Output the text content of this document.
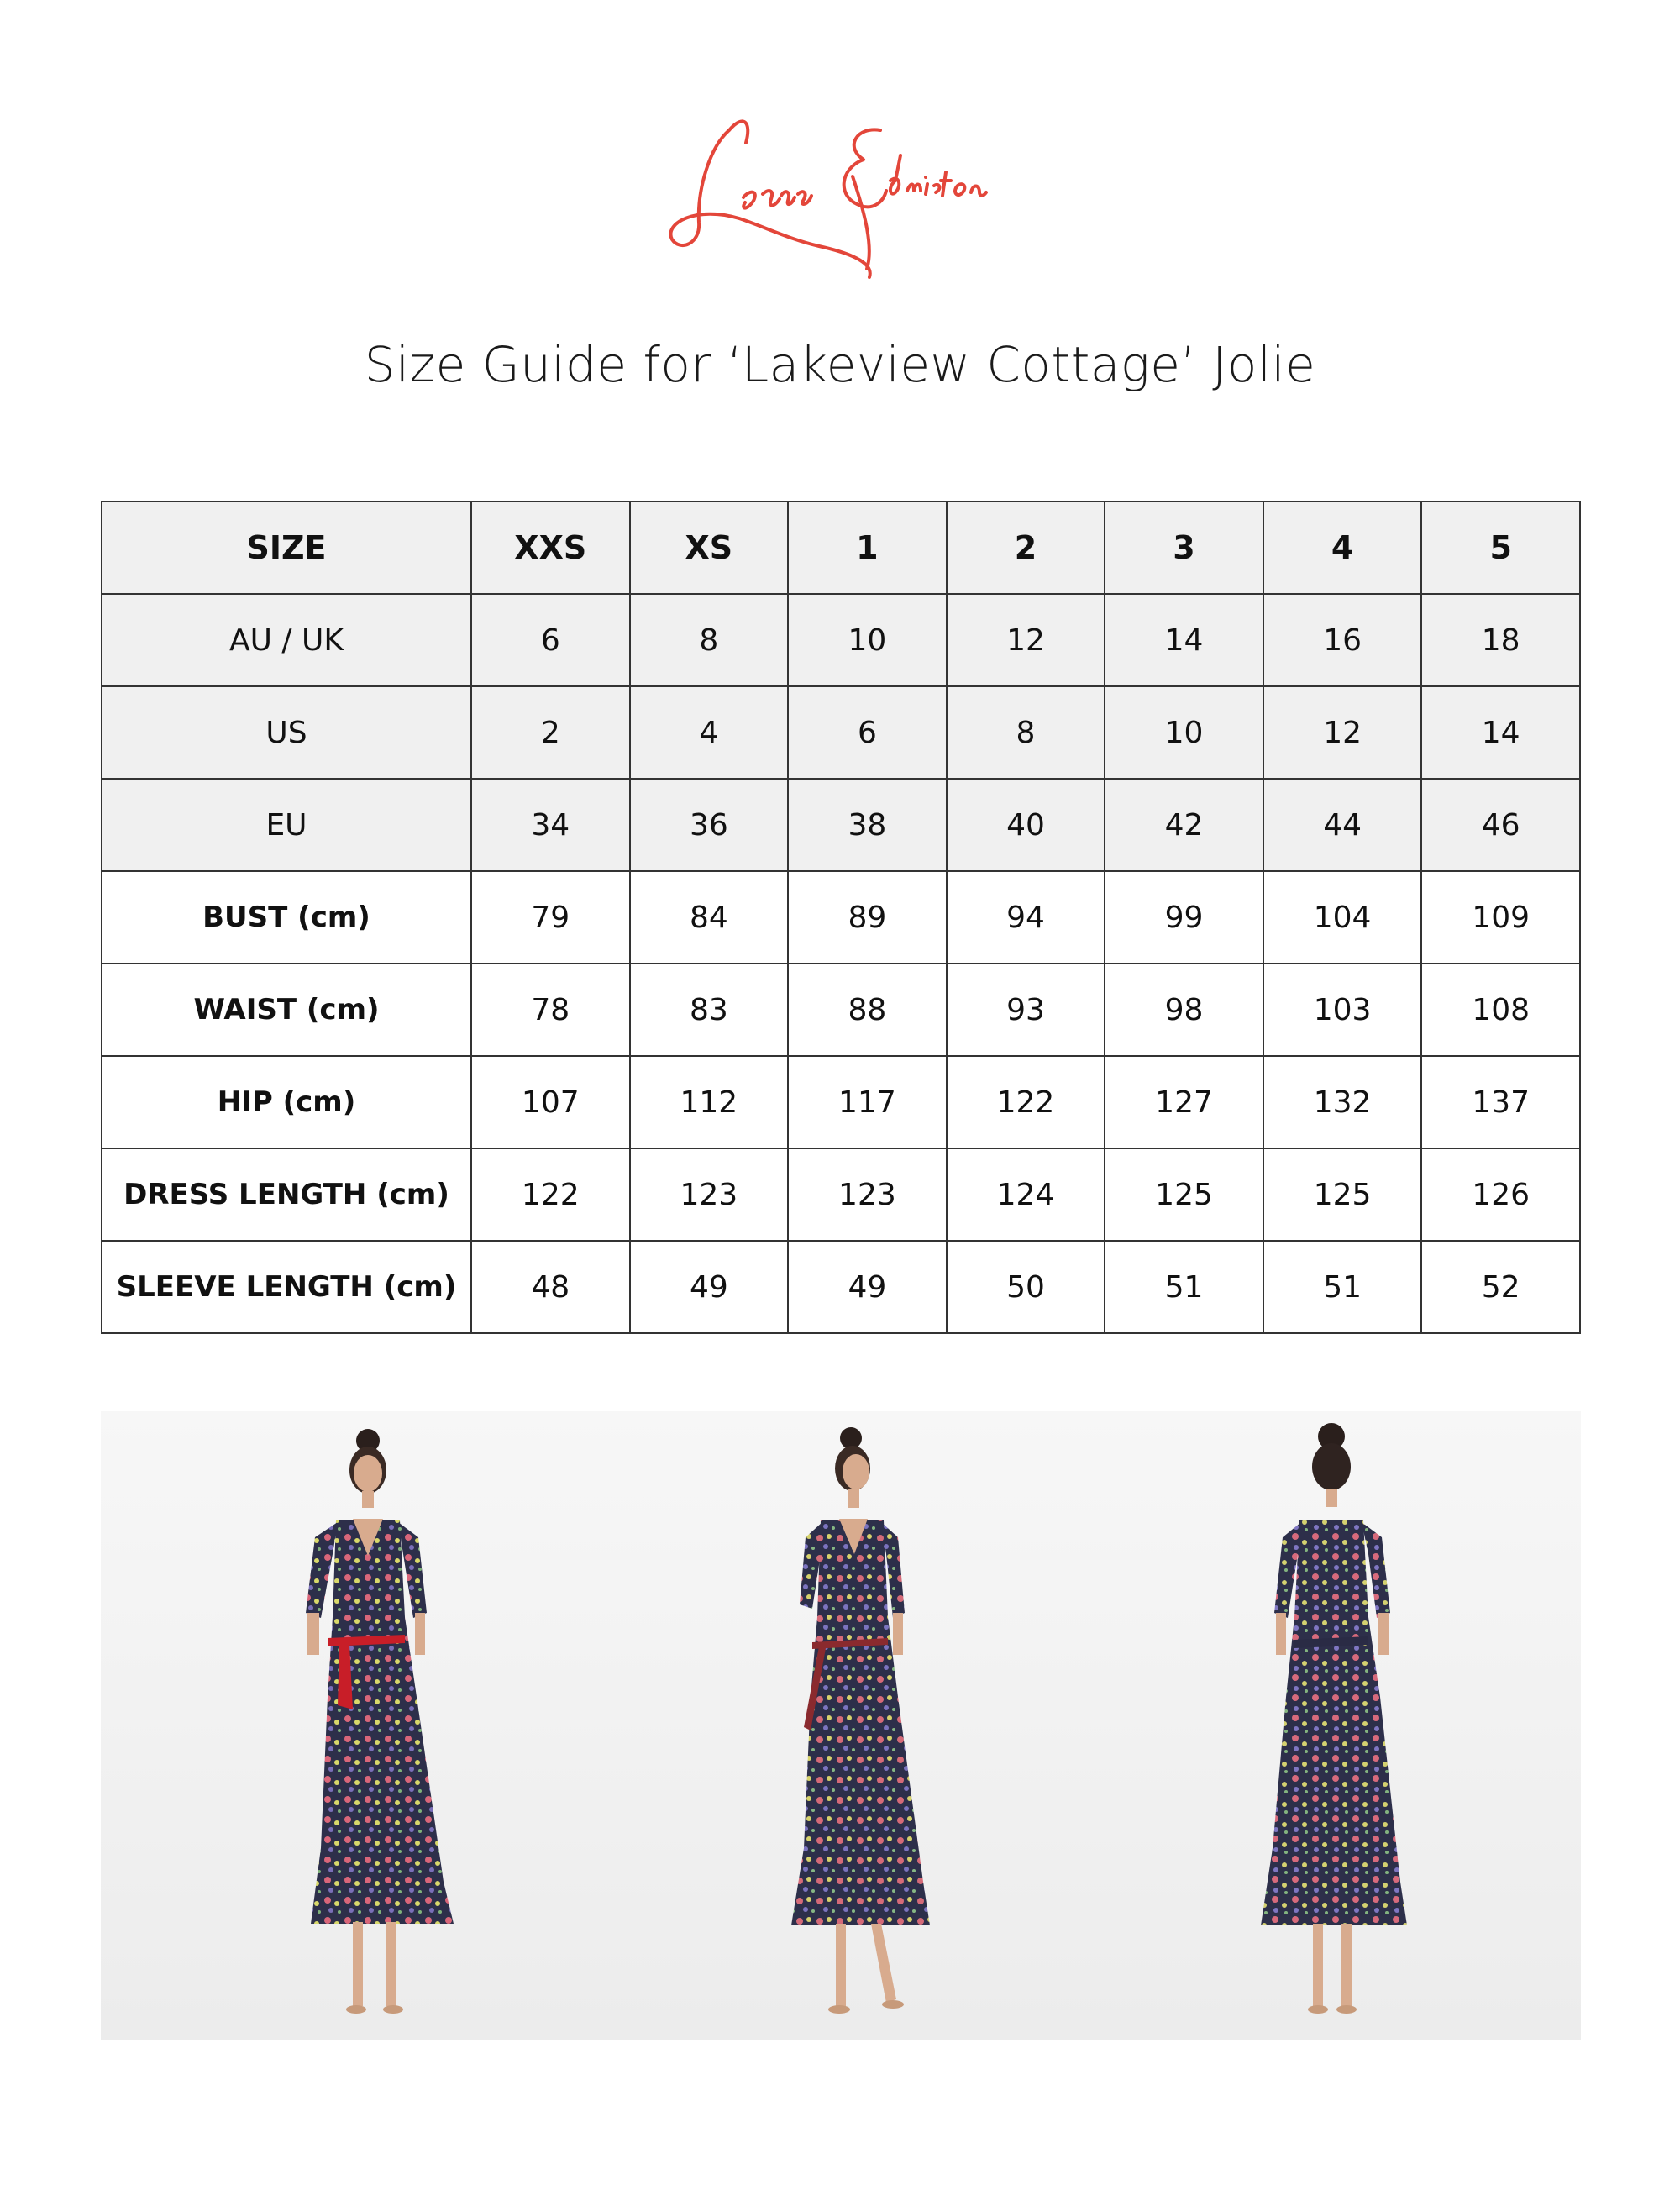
Size Guide for ‘Lakeview Cottage’ Jolie
SIZE	XXS	XS	1	2	3	4	5
AU / UK	6	8	10	12	14	16	18
US	2	4	6	8	10	12	14
EU	34	36	38	40	42	44	46
BUST (cm)	79	84	89	94	99	104	109
WAIST (cm)	78	83	88	93	98	103	108
HIP (cm)	107	112	117	122	127	132	137
DRESS LENGTH (cm)	122	123	123	124	125	125	126
SLEEVE LENGTH (cm)	48	49	49	50	51	51	52
